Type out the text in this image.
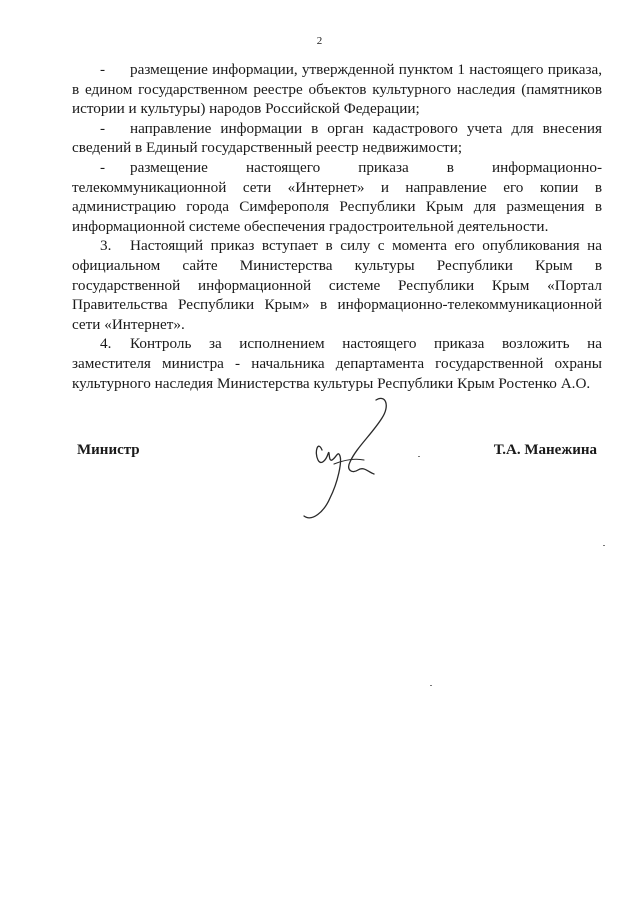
2

- размещение информации, утвержденной пунктом 1 настоящего приказа, в едином государственном реестре объектов культурного наследия (памятников истории и культуры) народов Российской Федерации;

- направление информации в орган кадастрового учета для внесения сведений в Единый государственный реестр недвижимости;

- размещение настоящего приказа в информационно-телекоммуникационной сети «Интернет» и направление его копии в администрацию города Симферополя Республики Крым для размещения в информационной системе обеспечения градостроительной деятельности.

3. Настоящий приказ вступает в силу с момента его опубликования на официальном сайте Министерства культуры Республики Крым в государственной информационной системе Республики Крым «Портал Правительства Республики Крым» в информационно-телекоммуникационной сети «Интернет».

4. Контроль за исполнением настоящего приказа возложить на заместителя министра - начальника департамента государственной охраны культурного наследия Министерства культуры Республики Крым Ростенко А.О.

Министр	Т.А. Манежина
